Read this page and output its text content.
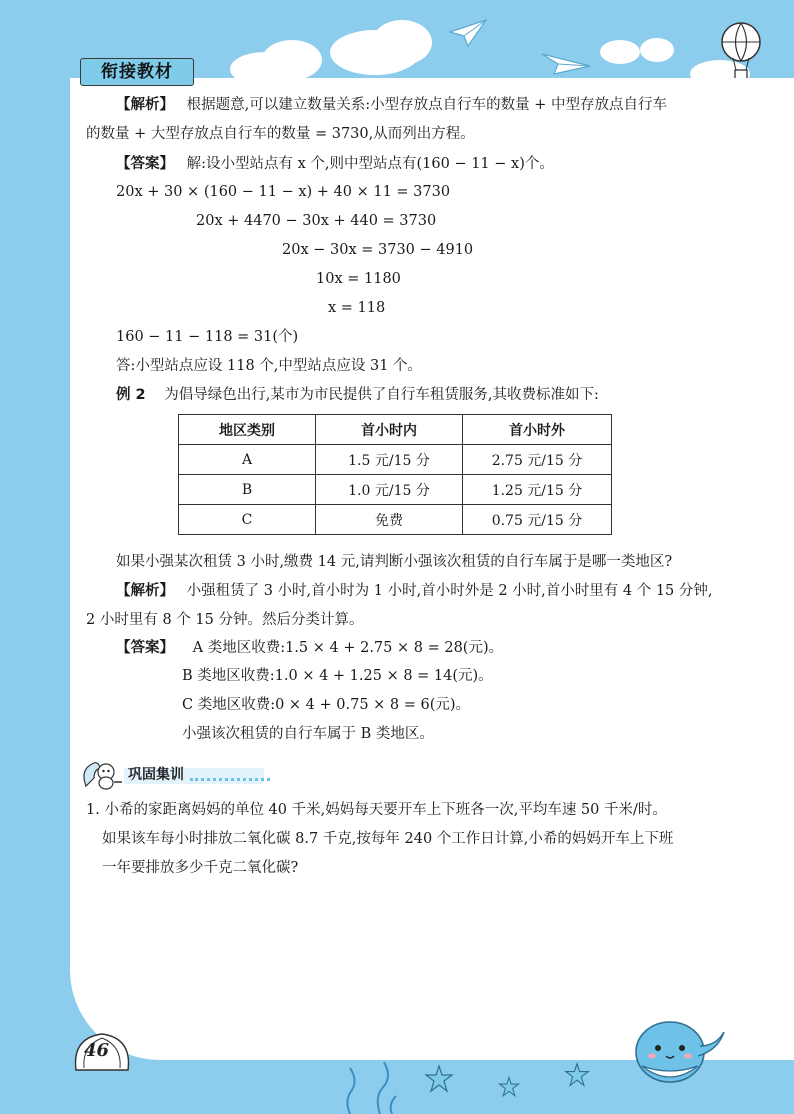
衔接教材
【解析】 根据题意,可以建立数量关系:小型存放点自行车的数量 + 中型存放点自行车
的数量 + 大型存放点自行车的数量 = 3730,从而列出方程。
【答案】 解:设小型站点有 x 个,则中型站点有(160 − 11 − x)个。
20x + 30 × (160 − 11 − x) + 40 × 11 = 3730
20x + 4470 − 30x + 440 = 3730
20x − 30x = 3730 − 4910
10x = 1180
x = 118
160 − 11 − 118 = 31(个)
答:小型站点应设 118 个,中型站点应设 31 个。
例 2 为倡导绿色出行,某市为市民提供了自行车租赁服务,其收费标准如下:
地区类别	首小时内	首小时外
A	1.5 元/15 分	2.75 元/15 分
B	1.0 元/15 分	1.25 元/15 分
C	免费	0.75 元/15 分
如果小强某次租赁 3 小时,缴费 14 元,请判断小强该次租赁的自行车属于是哪一类地区?
【解析】 小强租赁了 3 小时,首小时为 1 小时,首小时外是 2 小时,首小时里有 4 个 15 分钟,
2 小时里有 8 个 15 分钟。然后分类计算。
【答案】 A 类地区收费:1.5 × 4 + 2.75 × 8 = 28(元)。
B 类地区收费:1.0 × 4 + 1.25 × 8 = 14(元)。
C 类地区收费:0 × 4 + 0.75 × 8 = 6(元)。
小强该次租赁的自行车属于 B 类地区。
巩固集训
1. 小希的家距离妈妈的单位 40 千米,妈妈每天要开车上下班各一次,平均车速 50 千米/时。
如果该车每小时排放二氧化碳 8.7 千克,按每年 240 个工作日计算,小希的妈妈开车上下班
一年要排放多少千克二氧化碳?
46
